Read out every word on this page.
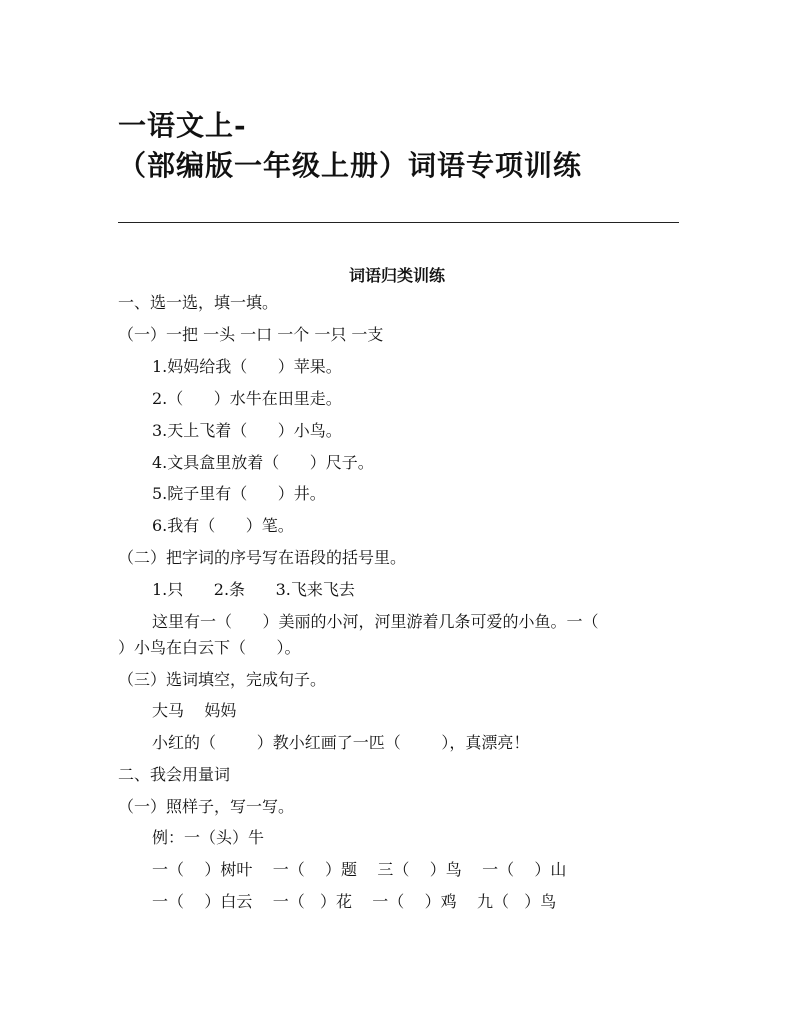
一语文上-
（部编版一年级上册）词语专项训练
词语归类训练
一、选一选，填一填。
（一）一把 一头 一口 一个 一只 一支
1.妈妈给我（      ）苹果。
2.（      ）水牛在田里走。
3.天上飞着（      ）小鸟。
4.文具盒里放着（      ）尺子。
5.院子里有（      ）井。
6.我有（      ）笔。
（二）把字词的序号写在语段的括号里。
1.只      2.条      3.飞来飞去
这里有一（      ）美丽的小河，河里游着几条可爱的小鱼。一（
）小鸟在白云下（      ）。
（三）选词填空，完成句子。
大马    妈妈
小红的（        ）教小红画了一匹（        ），真漂亮！
二、我会用量词
（一）照样子，写一写。
例：一（头）牛
一（    ）树叶    一（    ）题    三（    ）鸟    一（    ）山
一（    ）白云    一（   ）花    一（    ）鸡    九（   ）鸟
